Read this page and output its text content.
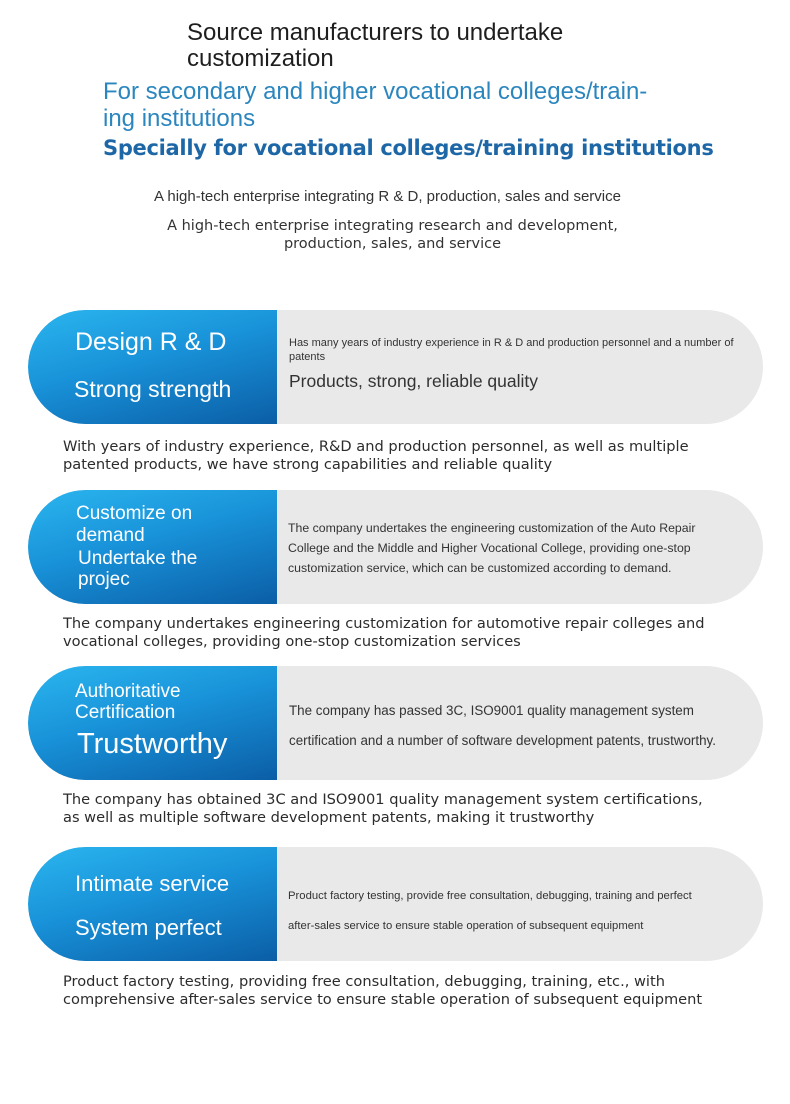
Source manufacturers to undertake
customization
For secondary and higher vocational colleges/train-
ing institutions
Specially for vocational colleges/training institutions
A high-tech enterprise integrating R & D, production, sales and service
A high-tech enterprise integrating research and development,
production, sales, and service
Design R & D
Strong strength
Has many years of industry experience in R & D and production personnel and a number of patents
Products, strong, reliable quality
With years of industry experience, R&D and production personnel, as well as multiple
patented products, we have strong capabilities and reliable quality
Customize on
demand
Undertake the
projec
The company undertakes the engineering customization of the Auto Repair
College and the Middle and Higher Vocational College, providing one-stop
customization service, which can be customized according to demand.
The company undertakes engineering customization for automotive repair colleges and
vocational colleges, providing one-stop customization services
Authoritative
Certification
Trustworthy
The company has passed 3C, ISO9001 quality management system
certification and a number of software development patents, trustworthy.
The company has obtained 3C and ISO9001 quality management system certifications,
as well as multiple software development patents, making it trustworthy
Intimate service
System perfect
Product factory testing, provide free consultation, debugging, training and perfect
after-sales service to ensure stable operation of subsequent equipment
Product factory testing, providing free consultation, debugging, training, etc., with
comprehensive after-sales service to ensure stable operation of subsequent equipment
